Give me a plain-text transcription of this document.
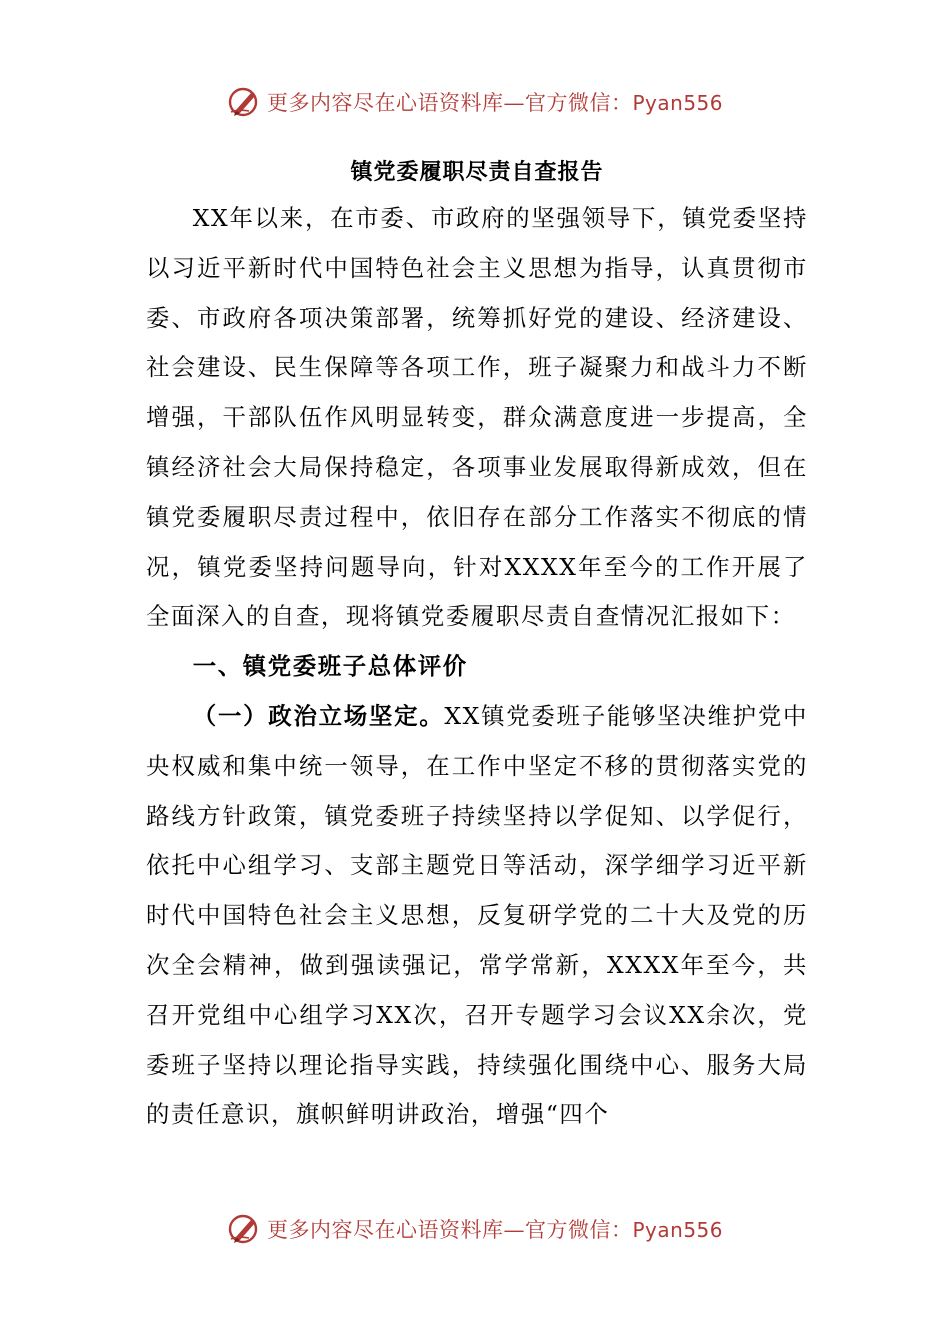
更多内容尽在心语资料库—官方微信：Pyan556
镇党委履职尽责自查报告

XX年以来，在市委、市政府的坚强领导下，镇党委坚持以习近平新时代中国特色社会主义思想为指导，认真贯彻市委、市政府各项决策部署，统筹抓好党的建设、经济建设、社会建设、民生保障等各项工作，班子凝聚力和战斗力不断增强，干部队伍作风明显转变，群众满意度进一步提高，全镇经济社会大局保持稳定，各项事业发展取得新成效，但在镇党委履职尽责过程中，依旧存在部分工作落实不彻底的情况，镇党委坚持问题导向，针对XXXX年至今的工作开展了全面深入的自查，现将镇党委履职尽责自查情况汇报如下：

一、镇党委班子总体评价

（一）政治立场坚定。XX镇党委班子能够坚决维护党中央权威和集中统一领导，在工作中坚定不移的贯彻落实党的路线方针政策，镇党委班子持续坚持以学促知、以学促行，依托中心组学习、支部主题党日等活动，深学细学习近平新时代中国特色社会主义思想，反复研学党的二十大及党的历次全会精神，做到强读强记，常学常新，XXXX年至今，共召开党组中心组学习XX次，召开专题学习会议XX余次，党委班子坚持以理论指导实践，持续强化围绕中心、服务大局的责任意识，旗帜鲜明讲政治，增强“四个

更多内容尽在心语资料库—官方微信：Pyan556
